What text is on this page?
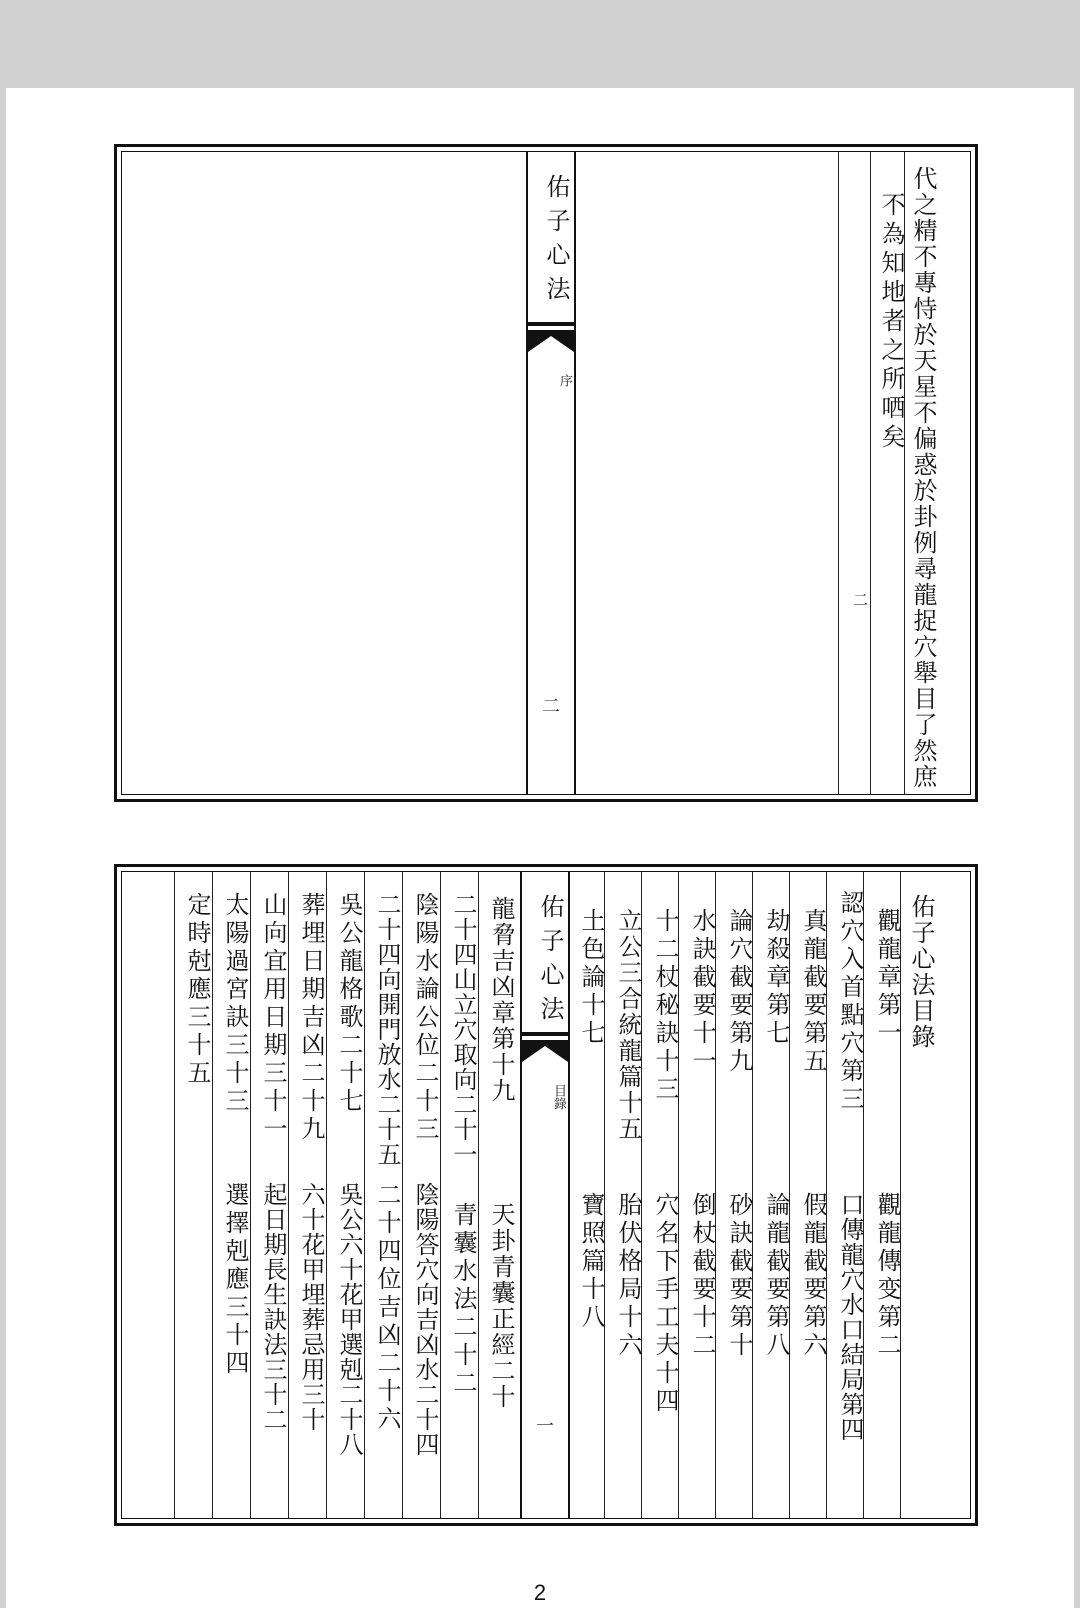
ㅤ	代之精不專恃於天星不偏惑於卦例尋龍捉穴舉目了然庶
不為知地者之所哂矣
二
佑子心法
序
二
佑子心法
目錄
一
佑子心法目錄
觀龍章第一
觀龍傳变第二
認穴入首點穴第三
口傳龍穴水口結局第四
真龍截要第五
假龍截要第六
劫殺章第七
論龍截要第八
論穴截要第九
砂訣截要第十
水訣截要十一
倒杖截要十二
十二杖秘訣十三
穴名下手工夫十四
立公三合統龍篇十五
胎伏格局十六
土色論十七
寶照篇十八
龍脅吉凶章第十九
天卦青囊正經二十
二十四山立穴取向二十一
青囊水法二十二
陰陽水論公位二十三
陰陽答穴向吉凶水二十四
二十四向開門放水二十五
二十四位吉凶二十六
吳公龍格歌二十七
吳公六十花甲選剋二十八
葬埋日期吉凶二十九
六十花甲埋葬忌用三十
山向宜用日期三十一
起日期長生訣法三十二
太陽過宮訣三十三
選擇剋應三十四
定時尅應三十五
2
